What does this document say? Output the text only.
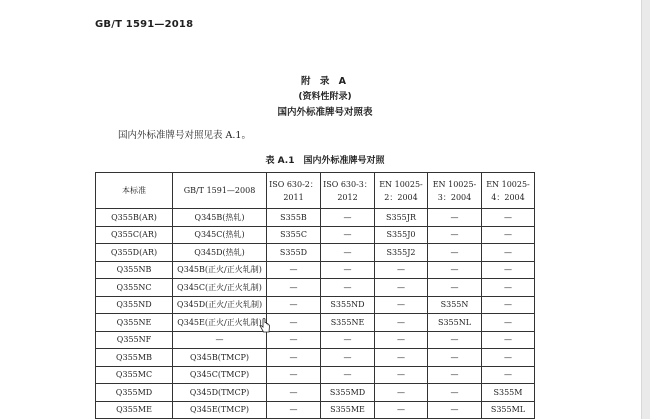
GB/T 1591—2018
附 录 A
(资料性附录)
国内外标准牌号对照表
国内外标准牌号对照见表 A.1。
表 A.1　国内外标准牌号对照
本标准	GB/T 1591—2008	ISO 630-2：2011	ISO 630-3：2012	EN 10025-2：2004	EN 10025-3：2004	EN 10025-4：2004
Q355B(AR)	Q345B(热轧)	S355B	—	S355JR	—	—
Q355C(AR)	Q345C(热轧)	S355C	—	S355J0	—	—
Q355D(AR)	Q345D(热轧)	S355D	—	S355J2	—	—
Q355NB	Q345B(正火/正火轧制)	—	—	—	—	—
Q355NC	Q345C(正火/正火轧制)	—	—	—	—	—
Q355ND	Q345D(正火/正火轧制)	—	S355ND	—	S355N	—
Q355NE	Q345E(正火/正火轧制)	—	S355NE	—	S355NL	—
Q355NF	—	—	—	—	—	—
Q355MB	Q345B(TMCP)	—	—	—	—	—
Q355MC	Q345C(TMCP)	—	—	—	—	—
Q355MD	Q345D(TMCP)	—	S355MD	—	—	S355M
Q355ME	Q345E(TMCP)	—	S355ME	—	—	S355ML
